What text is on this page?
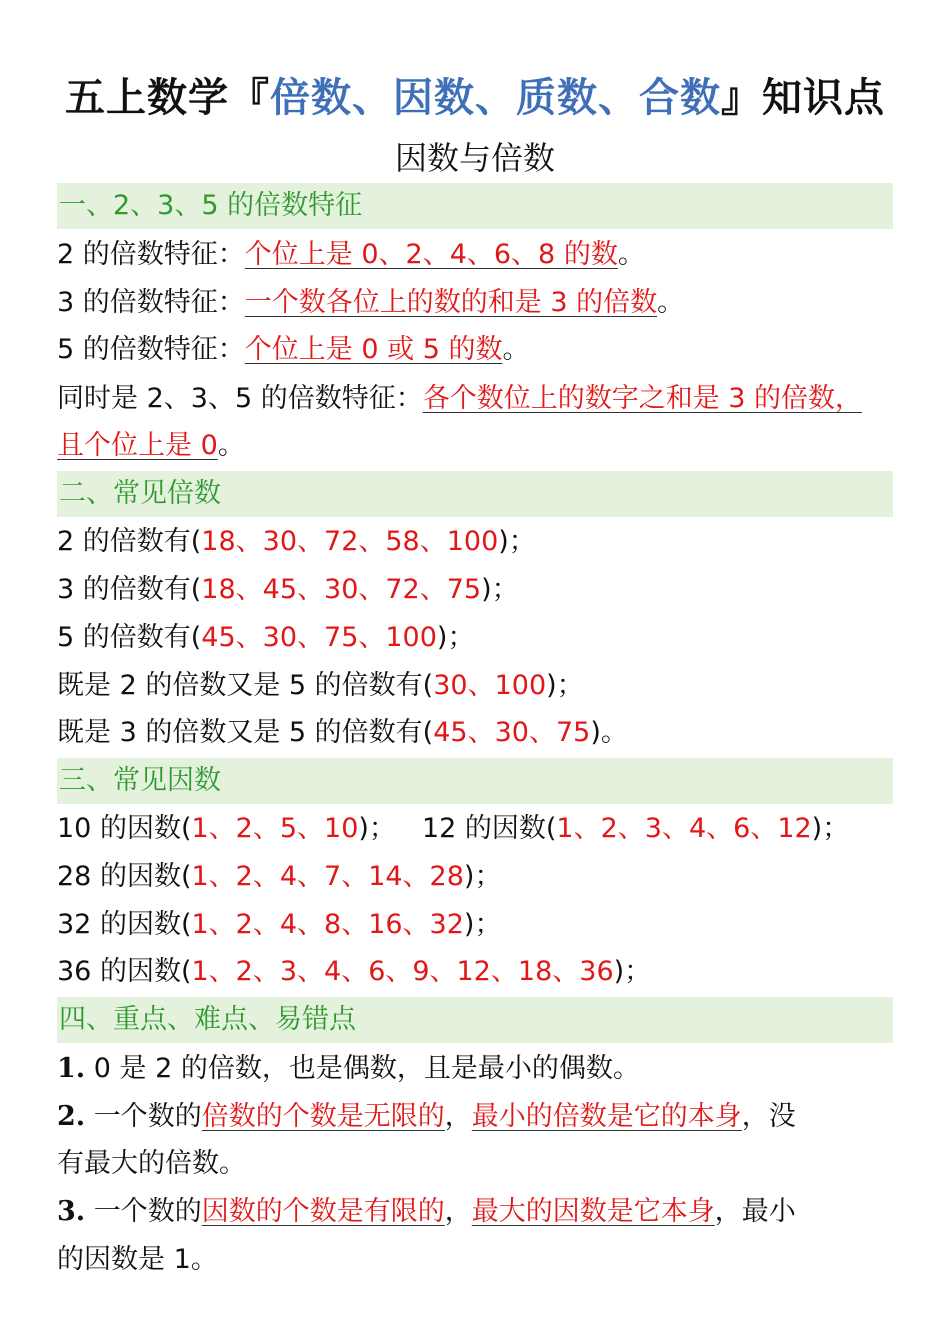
五上数学『倍数、因数、质数、合数』知识点
因数与倍数
一、2、3、5 的倍数特征
2 的倍数特征：个位上是 0、2、4、6、8 的数。
3 的倍数特征：一个数各位上的数的和是 3 的倍数。
5 的倍数特征：个位上是 0 或 5 的数。
同时是 2、3、5 的倍数特征：各个数位上的数字之和是 3 的倍数，
且个位上是 0。
二、常见倍数
2 的倍数有(18、30、72、58、100)；
3 的倍数有(18、45、30、72、75)；
5 的倍数有(45、30、75、100)；
既是 2 的倍数又是 5 的倍数有(30、100)；
既是 3 的倍数又是 5 的倍数有(45、30、75)。
三、常见因数
10 的因数(1、2、5、10)； 12 的因数(1、2、3、4、6、12)；
28 的因数(1、2、4、7、14、28)；
32 的因数(1、2、4、8、16、32)；
36 的因数(1、2、3、4、6、9、12、18、36)；
四、重点、难点、易错点
1. 0 是 2 的倍数，也是偶数，且是最小的偶数。
2. 一个数的倍数的个数是无限的，最小的倍数是它的本身，没
有最大的倍数。
3. 一个数的因数的个数是有限的，最大的因数是它本身，最小
的因数是 1。
